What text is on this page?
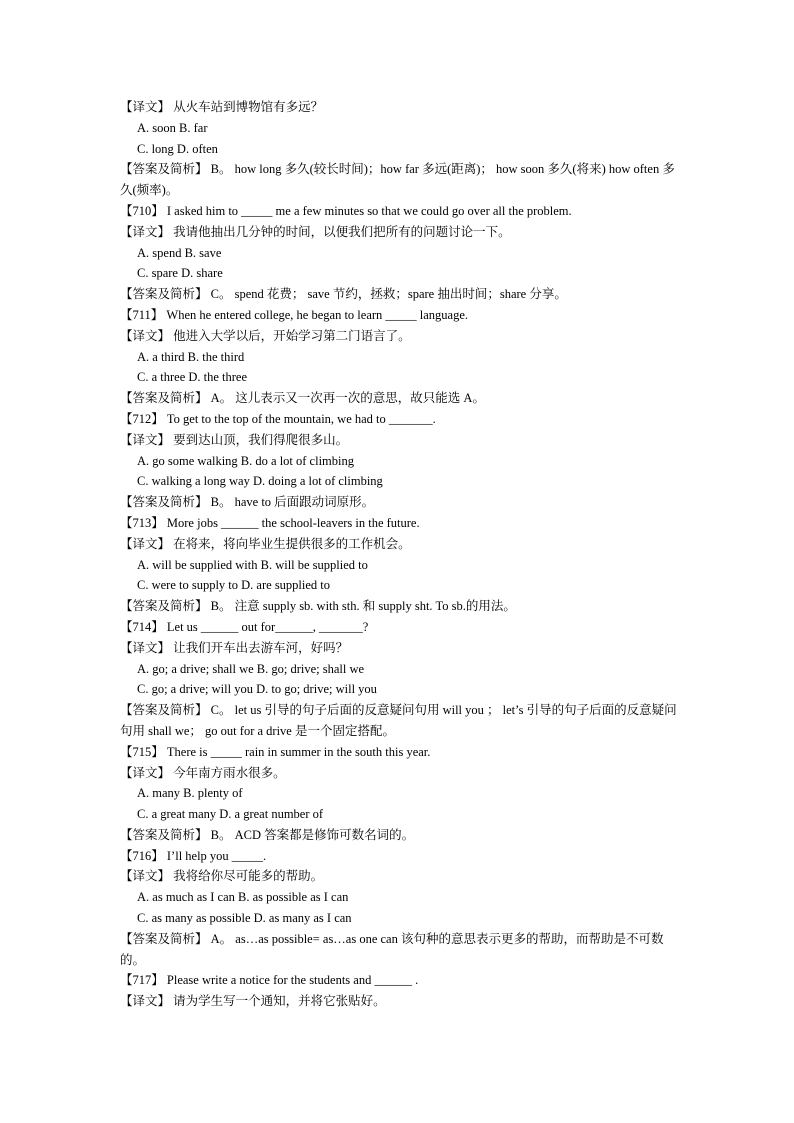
【译文】 从火车站到博物馆有多远？
A. soon B. far
C. long D. often
【答案及简析】 B。 how long 多久(较长时间)；how far 多远(距离)； how soon 多久(将来) how often 多久(频率)。
【710】 I asked him to _____ me a few minutes so that we could go over all the problem.
【译文】 我请他抽出几分钟的时间，以便我们把所有的问题讨论一下。
A. spend B. save
C. spare D. share
【答案及简析】 C。 spend 花费； save 节约，拯救；spare 抽出时间；share 分享。
【711】 When he entered college, he began to learn _____ language.
【译文】 他进入大学以后，开始学习第二门语言了。
A. a third B. the third
C. a three D. the three
【答案及简析】 A。 这儿表示又一次再一次的意思，故只能选 A。
【712】 To get to the top of the mountain, we had to _______.
【译文】 要到达山顶，我们得爬很多山。
A. go some walking B. do a lot of climbing
C. walking a long way D. doing a lot of climbing
【答案及简析】 B。 have to 后面跟动词原形。
【713】 More jobs ______ the school-leavers in the future.
【译文】 在将来，将向毕业生提供很多的工作机会。
A. will be supplied with B. will be supplied to
C. were to supply to D. are supplied to
【答案及简析】 B。 注意 supply sb. with sth. 和 supply sht. To sb.的用法。
【714】 Let us ______ out for______, _______?
【译文】 让我们开车出去游车河，好吗？
A. go; a drive; shall we B. go; drive; shall we
C. go; a drive; will you D. to go; drive; will you
【答案及简析】 C。 let us 引导的句子后面的反意疑问句用 will you ； let’s 引导的句子后面的反意疑问句用 shall we； go out for a drive 是一个固定搭配。
【715】 There is _____ rain in summer in the south this year.
【译文】 今年南方雨水很多。
A. many B. plenty of
C. a great many D. a great number of
【答案及简析】 B。 ACD 答案都是修饰可数名词的。
【716】 I’ll help you _____.
【译文】 我将给你尽可能多的帮助。
A. as much as I can B. as possible as I can
C. as many as possible D. as many as I can
【答案及简析】 A。 as…as possible= as…as one can 该句种的意思表示更多的帮助，而帮助是不可数的。
【717】 Please write a notice for the students and ______ .
【译文】 请为学生写一个通知，并将它张贴好。
